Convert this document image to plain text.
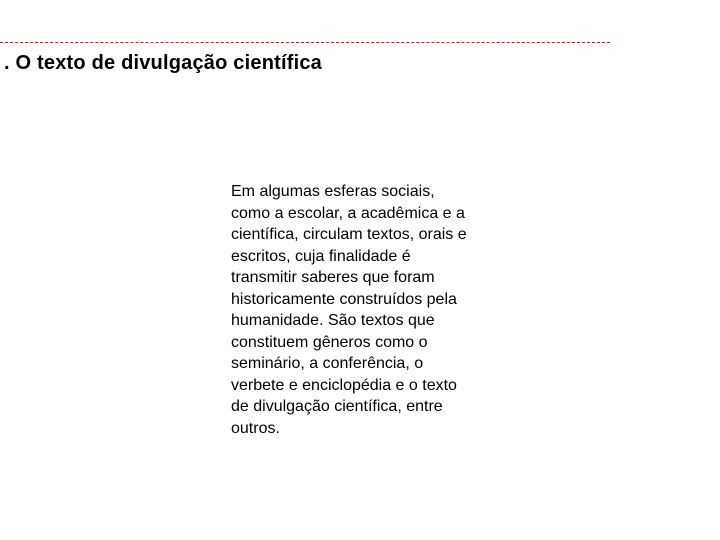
. O texto de divulgação científica

Em algumas esferas sociais,
como a escolar, a acadêmica e a
científica, circulam textos, orais e
escritos, cuja finalidade é
transmitir saberes que foram
historicamente construídos pela
humanidade. São textos que
constituem gêneros como o
seminário, a conferência, o
verbete e enciclopédia e o texto
de divulgação científica, entre
outros.
